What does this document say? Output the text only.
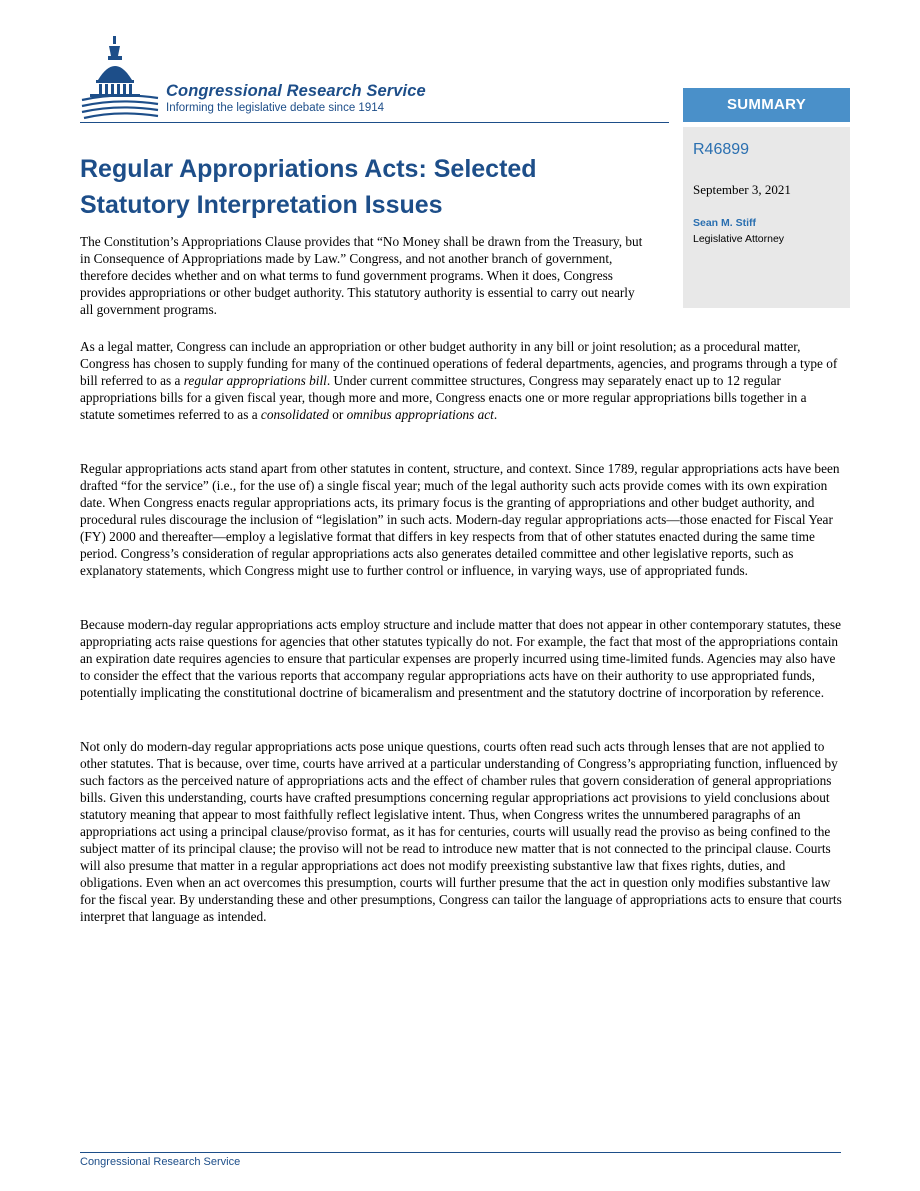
Congressional Research Service
Informing the legislative debate since 1914	SUMMARY
R46899
September 3, 2021
Sean M. Stiff
Legislative Attorney
Regular Appropriations Acts: Selected Statutory Interpretation Issues

The Constitution’s Appropriations Clause provides that “No Money shall be drawn from the Treasury, but in Consequence of Appropriations made by Law.” Congress, and not another branch of government, therefore decides whether and on what terms to fund government programs. When it does, Congress provides appropriations or other budget authority. This statutory authority is essential to carry out nearly all government programs.

As a legal matter, Congress can include an appropriation or other budget authority in any bill or joint resolution; as a procedural matter, Congress has chosen to supply funding for many of the continued operations of federal departments, agencies, and programs through a type of bill referred to as a regular appropriations bill. Under current committee structures, Congress may separately enact up to 12 regular appropriations bills for a given fiscal year, though more and more, Congress enacts one or more regular appropriations bills together in a statute sometimes referred to as a consolidated or omnibus appropriations act.

Regular appropriations acts stand apart from other statutes in content, structure, and context. Since 1789, regular appropriations acts have been drafted “for the service” (i.e., for the use of) a single fiscal year; much of the legal authority such acts provide comes with its own expiration date. When Congress enacts regular appropriations acts, its primary focus is the granting of appropriations and other budget authority, and procedural rules discourage the inclusion of “legislation” in such acts. Modern-day regular appropriations acts—those enacted for Fiscal Year (FY) 2000 and thereafter—employ a legislative format that differs in key respects from that of other statutes enacted during the same time period. Congress’s consideration of regular appropriations acts also generates detailed committee and other legislative reports, such as explanatory statements, which Congress might use to further control or influence, in varying ways, use of appropriated funds.

Because modern-day regular appropriations acts employ structure and include matter that does not appear in other contemporary statutes, these appropriating acts raise questions for agencies that other statutes typically do not. For example, the fact that most of the appropriations contain an expiration date requires agencies to ensure that particular expenses are properly incurred using time-limited funds. Agencies may also have to consider the effect that the various reports that accompany regular appropriations acts have on their authority to use appropriated funds, potentially implicating the constitutional doctrine of bicameralism and presentment and the statutory doctrine of incorporation by reference.

Not only do modern-day regular appropriations acts pose unique questions, courts often read such acts through lenses that are not applied to other statutes. That is because, over time, courts have arrived at a particular understanding of Congress’s appropriating function, influenced by such factors as the perceived nature of appropriations acts and the effect of chamber rules that govern consideration of general appropriations bills. Given this understanding, courts have crafted presumptions concerning regular appropriations act provisions to yield conclusions about statutory meaning that appear to most faithfully reflect legislative intent. Thus, when Congress writes the unnumbered paragraphs of an appropriations act using a principal clause/proviso format, as it has for centuries, courts will usually read the proviso as being confined to the subject matter of its principal clause; the proviso will not be read to introduce new matter that is not connected to the principal clause. Courts will also presume that matter in a regular appropriations act does not modify preexisting substantive law that fixes rights, duties, and obligations. Even when an act overcomes this presumption, courts will further presume that the act in question only modifies substantive law for the fiscal year. By understanding these and other presumptions, Congress can tailor the language of appropriations acts to ensure that courts interpret that language as intended.

Congressional Research Service
